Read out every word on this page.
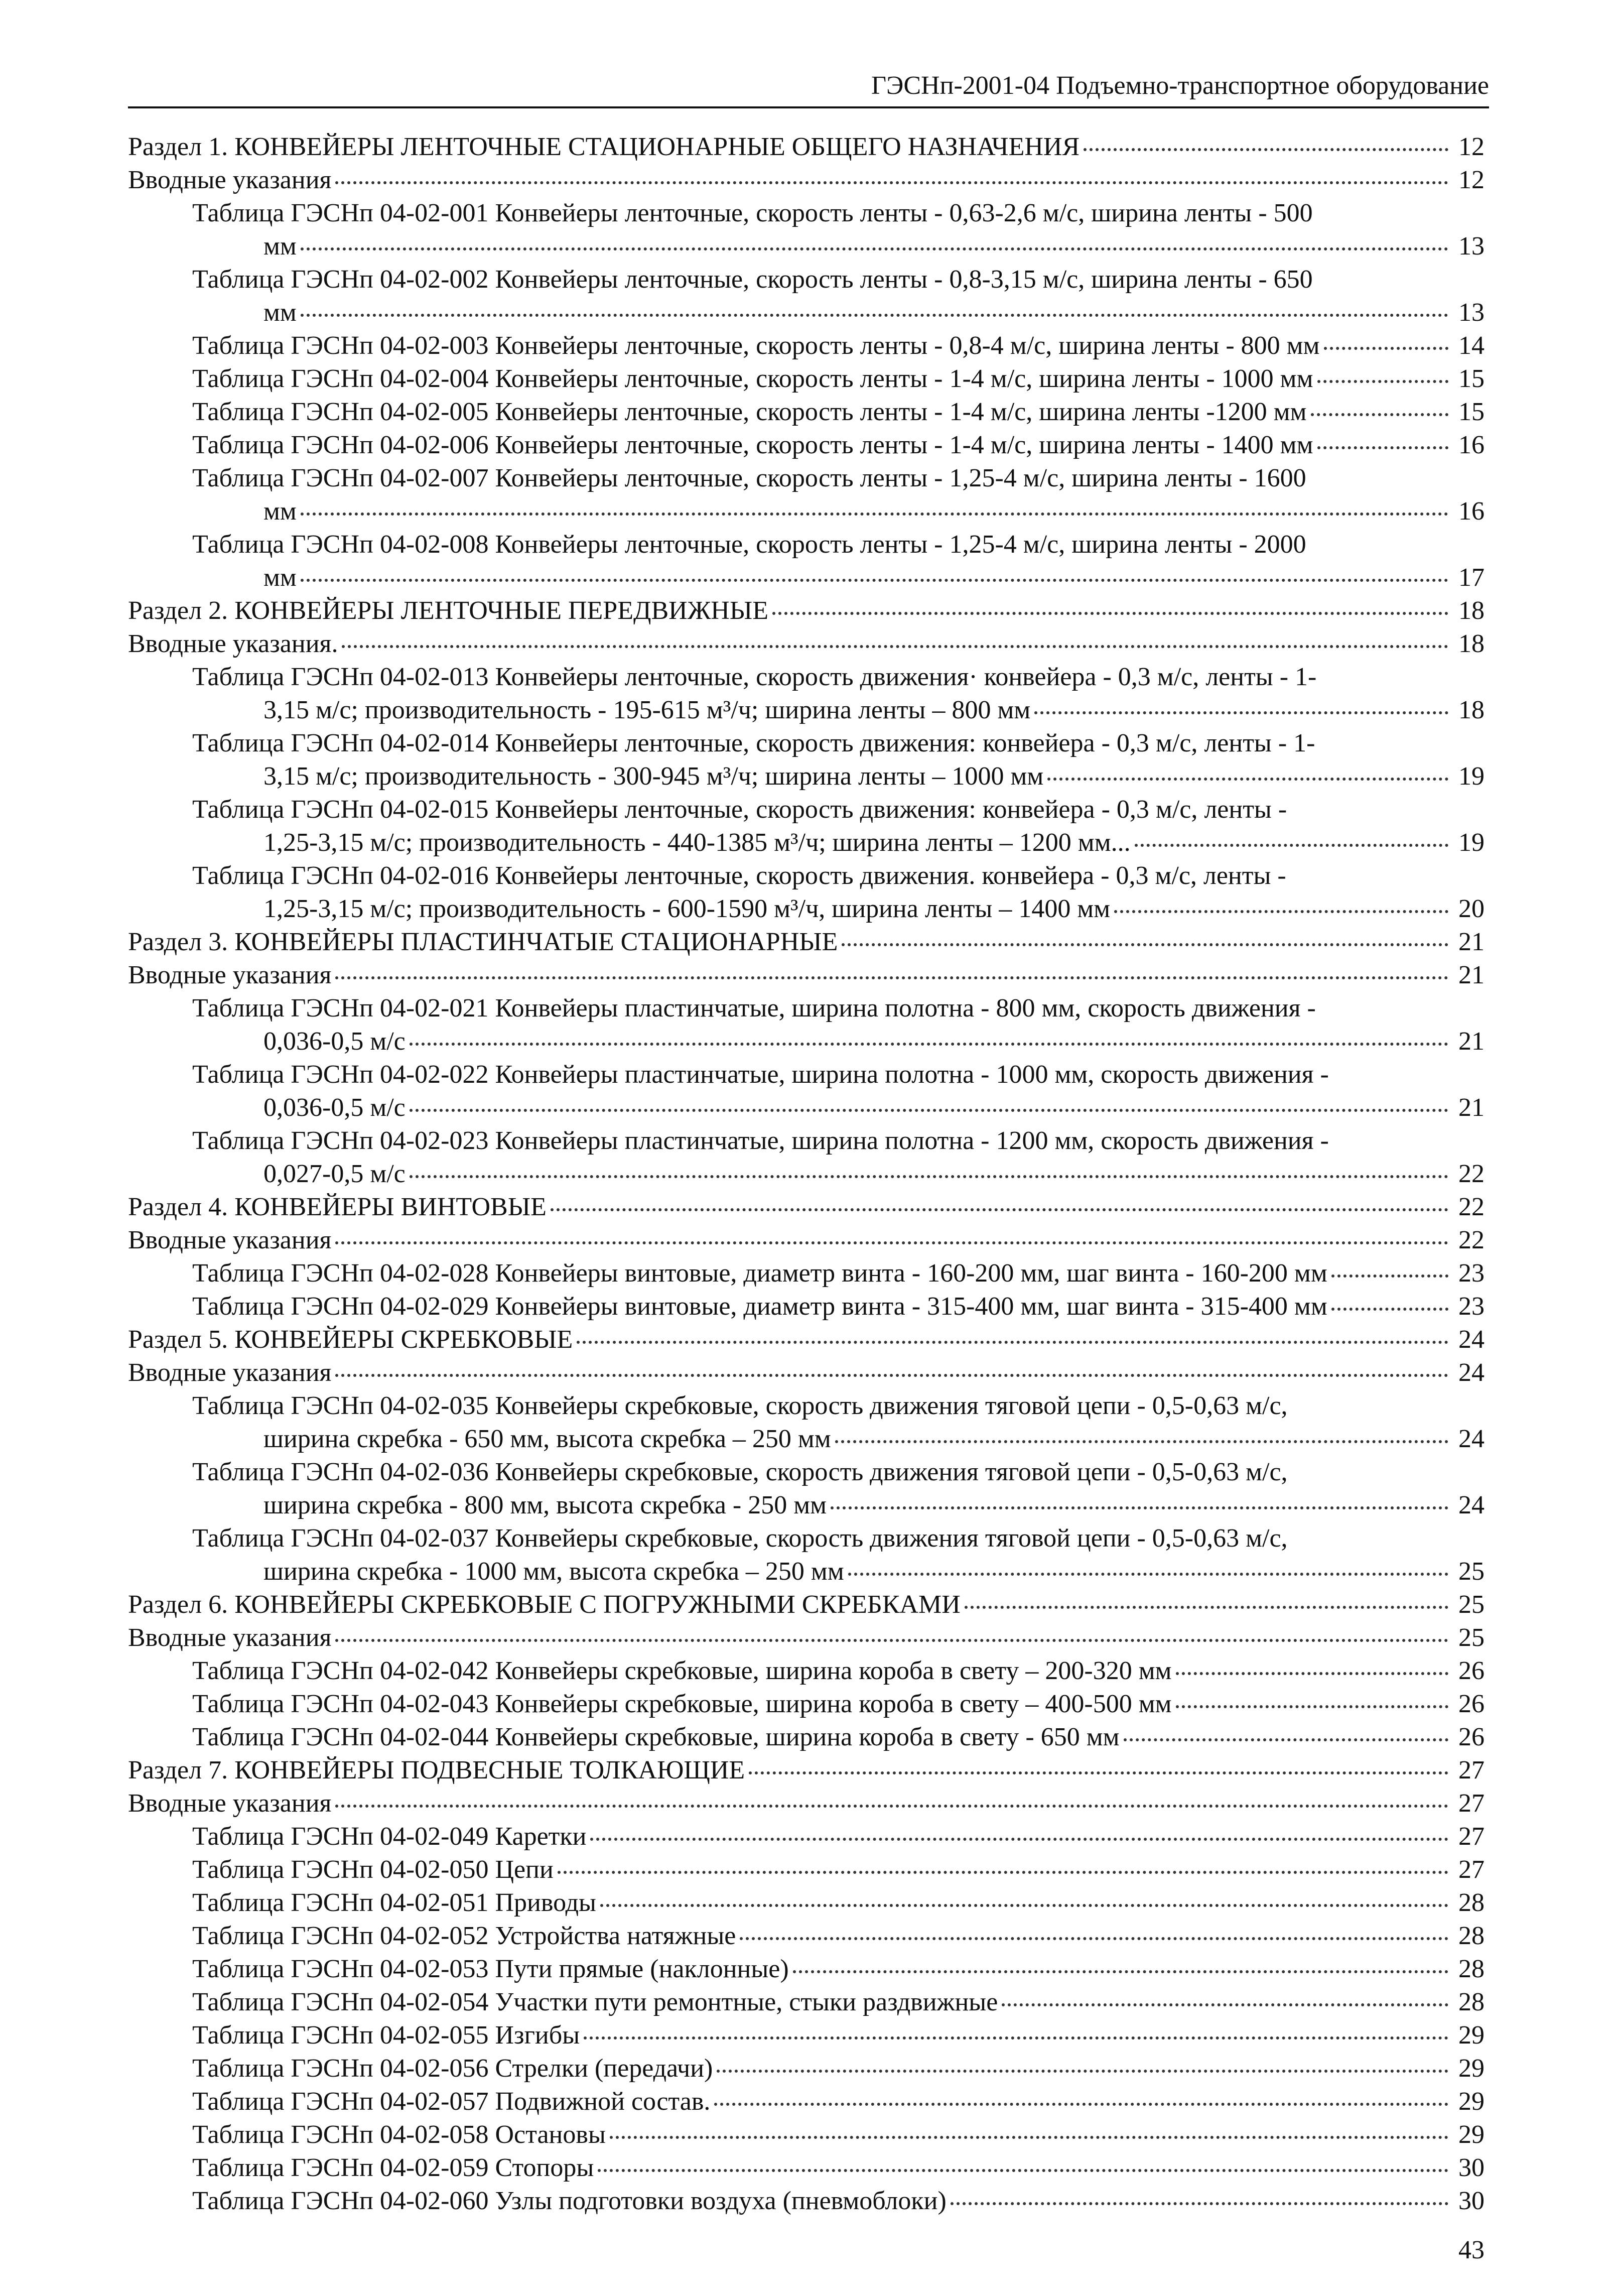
ГЭСНп-2001-04 Подъемно-транспортное оборудование
Раздел 1. КОНВЕЙЕРЫ ЛЕНТОЧНЫЕ СТАЦИОНАРНЫЕ ОБЩЕГО НАЗНАЧЕНИЯ	12
Вводные указания	12
Таблица ГЭСНп 04-02-001 Конвейеры ленточные, скорость ленты - 0,63-2,6 м/с, ширина ленты - 500
мм	13
Таблица ГЭСНп 04-02-002 Конвейеры ленточные, скорость ленты - 0,8-3,15 м/с, ширина ленты - 650
мм	13
Таблица ГЭСНп 04-02-003 Конвейеры ленточные, скорость ленты - 0,8-4 м/с, ширина ленты - 800 мм	14
Таблица ГЭСНп 04-02-004 Конвейеры ленточные, скорость ленты - 1-4 м/с, ширина ленты - 1000 мм	15
Таблица ГЭСНп 04-02-005 Конвейеры ленточные, скорость ленты - 1-4 м/с, ширина ленты -1200 мм	15
Таблица ГЭСНп 04-02-006 Конвейеры ленточные, скорость ленты - 1-4 м/с, ширина ленты - 1400 мм	16
Таблица ГЭСНп 04-02-007 Конвейеры ленточные, скорость ленты - 1,25-4 м/с, ширина ленты - 1600
мм	16
Таблица ГЭСНп 04-02-008 Конвейеры ленточные, скорость ленты - 1,25-4 м/с, ширина ленты - 2000
мм	17
Раздел 2. КОНВЕЙЕРЫ ЛЕНТОЧНЫЕ ПЕРЕДВИЖНЫЕ	18
Вводные указания.	18
Таблица ГЭСНп 04-02-013 Конвейеры ленточные, скорость движения· конвейера - 0,3 м/с, ленты - 1-
3,15 м/с; производительность - 195-615 м³/ч; ширина ленты – 800 мм	18
Таблица ГЭСНп 04-02-014 Конвейеры ленточные, скорость движения: конвейера - 0,3 м/с, ленты - 1-
3,15 м/с; производительность - 300-945 м³/ч; ширина ленты – 1000 мм	19
Таблица ГЭСНп 04-02-015 Конвейеры ленточные, скорость движения: конвейера - 0,3 м/с, ленты -
1,25-3,15 м/с; производительность - 440-1385 м³/ч; ширина ленты – 1200 мм...	19
Таблица ГЭСНп 04-02-016 Конвейеры ленточные, скорость движения. конвейера - 0,3 м/с, ленты -
1,25-3,15 м/с; производительность - 600-1590 м³/ч, ширина ленты – 1400 мм	20
Раздел 3. КОНВЕЙЕРЫ ПЛАСТИНЧАТЫЕ СТАЦИОНАРНЫЕ	21
Вводные указания	21
Таблица ГЭСНп 04-02-021 Конвейеры пластинчатые, ширина полотна - 800 мм, скорость движения -
0,036-0,5 м/с	21
Таблица ГЭСНп 04-02-022 Конвейеры пластинчатые, ширина полотна - 1000 мм, скорость движения -
0,036-0,5 м/с	21
Таблица ГЭСНп 04-02-023 Конвейеры пластинчатые, ширина полотна - 1200 мм, скорость движения -
0,027-0,5 м/с	22
Раздел 4. КОНВЕЙЕРЫ ВИНТОВЫЕ	22
Вводные указания	22
Таблица ГЭСНп 04-02-028 Конвейеры винтовые, диаметр винта - 160-200 мм, шаг винта - 160-200 мм	23
Таблица ГЭСНп 04-02-029 Конвейеры винтовые, диаметр винта - 315-400 мм, шаг винта - 315-400 мм	23
Раздел 5. КОНВЕЙЕРЫ СКРЕБКОВЫЕ	24
Вводные указания	24
Таблица ГЭСНп 04-02-035 Конвейеры скребковые, скорость движения тяговой цепи - 0,5-0,63 м/с,
ширина скребка - 650 мм, высота скребка – 250 мм	24
Таблица ГЭСНп 04-02-036 Конвейеры скребковые, скорость движения тяговой цепи - 0,5-0,63 м/с,
ширина скребка - 800 мм, высота скребка - 250 мм	24
Таблица ГЭСНп 04-02-037 Конвейеры скребковые, скорость движения тяговой цепи - 0,5-0,63 м/с,
ширина скребка - 1000 мм, высота скребка – 250 мм	25
Раздел 6. КОНВЕЙЕРЫ СКРЕБКОВЫЕ С ПОГРУЖНЫМИ СКРЕБКАМИ	25
Вводные указания	25
Таблица ГЭСНп 04-02-042 Конвейеры скребковые, ширина короба в свету – 200-320 мм	26
Таблица ГЭСНп 04-02-043 Конвейеры скребковые, ширина короба в свету – 400-500 мм	26
Таблица ГЭСНп 04-02-044 Конвейеры скребковые, ширина короба в свету - 650 мм	26
Раздел 7. КОНВЕЙЕРЫ ПОДВЕСНЫЕ ТОЛКАЮЩИЕ	27
Вводные указания	27
Таблица ГЭСНп 04-02-049 Каретки	27
Таблица ГЭСНп 04-02-050 Цепи	27
Таблица ГЭСНп 04-02-051 Приводы	28
Таблица ГЭСНп 04-02-052 Устройства натяжные	28
Таблица ГЭСНп 04-02-053 Пути прямые (наклонные)	28
Таблица ГЭСНп 04-02-054 Участки пути ремонтные, стыки раздвижные	28
Таблица ГЭСНп 04-02-055 Изгибы	29
Таблица ГЭСНп 04-02-056 Стрелки (передачи)	29
Таблица ГЭСНп 04-02-057 Подвижной состав.	29
Таблица ГЭСНп 04-02-058 Остановы	29
Таблица ГЭСНп 04-02-059 Стопоры	30
Таблица ГЭСНп 04-02-060 Узлы подготовки воздуха (пневмоблоки)	30
43
